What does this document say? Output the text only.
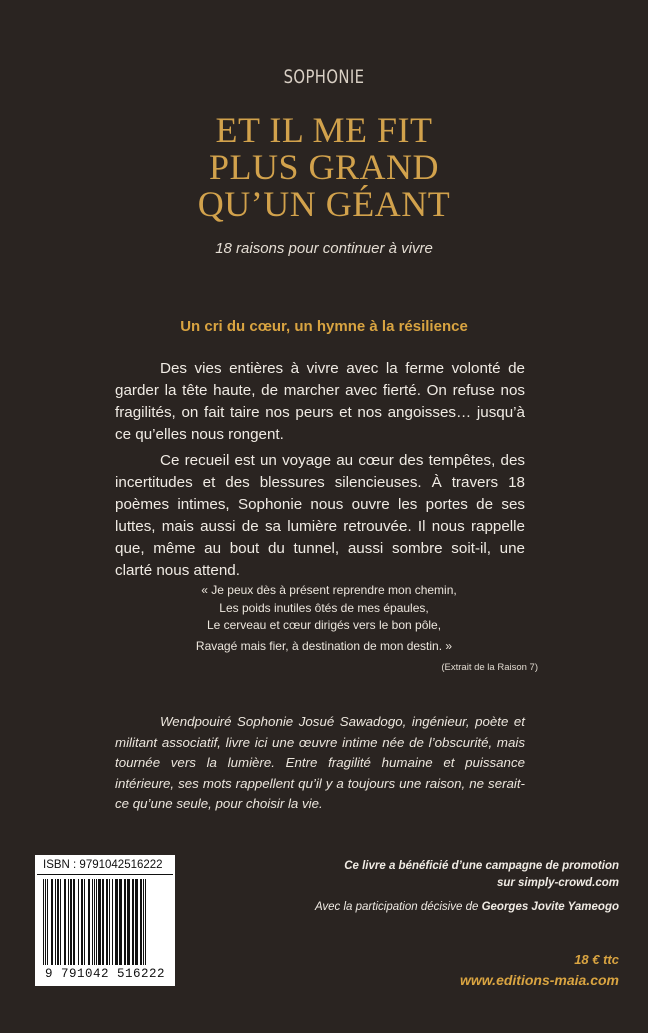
SOPHONIE
ET IL ME FIT
PLUS GRAND
QU’UN GÉANT
18 raisons pour continuer à vivre
Un cri du cœur, un hymne à la résilience

Des vies entières à vivre avec la ferme volonté de garder la tête haute, de marcher avec fierté. On refuse nos fragilités, on fait taire nos peurs et nos angoisses… jusqu’à ce qu’elles nous rongent.

Ce recueil est un voyage au cœur des tempêtes, des incertitudes et des blessures silencieuses. À travers 18 poèmes intimes, Sophonie nous ouvre les portes de ses luttes, mais aussi de sa lumière retrouvée. Il nous rappelle que, même au bout du tunnel, aussi sombre soit-il, une clarté nous attend.

« Je peux dès à présent reprendre mon chemin,
Les poids inutiles ôtés de mes épaules,
Le cerveau et cœur dirigés vers le bon pôle,
Ravagé mais fier, à destination de mon destin. »
(Extrait de la Raison 7)

Wendpouiré Sophonie Josué Sawadogo, ingénieur, poète et militant associatif, livre ici une œuvre intime née de l’obscurité, mais tournée vers la lumière. Entre fragilité humaine et puissance intérieure, ses mots rappellent qu’il y a toujours une raison, ne serait-ce qu’une seule, pour choisir la vie.

ISBN : 9791042516222
9 791042 516222
Ce livre a bénéficié d’une campagne de promotion
sur simply-crowd.com
Avec la participation décisive de Georges Jovite Yameogo
18 € ttc
www.editions-maia.com
